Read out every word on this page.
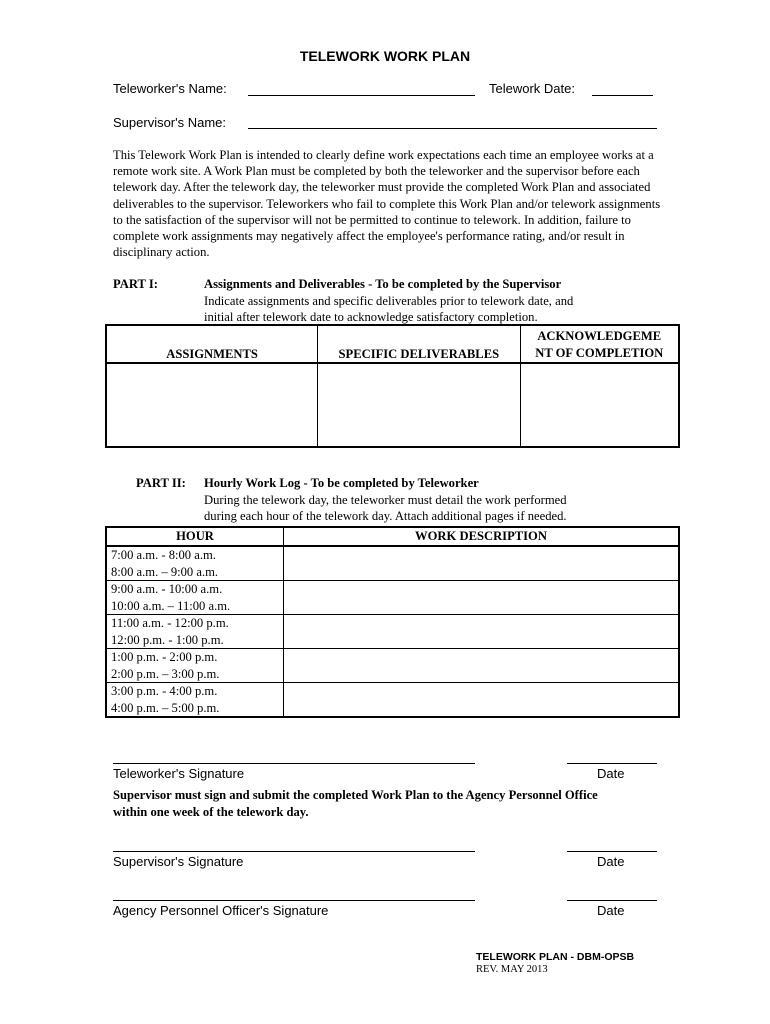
TELEWORK WORK PLAN
Teleworker's Name:	Telework Date:
Supervisor's Name:
This Telework Work Plan is intended to clearly define work expectations each time an employee works at a remote work site. A Work Plan must be completed by both the teleworker and the supervisor before each telework day. After the telework day, the teleworker must provide the completed Work Plan and associated deliverables to the supervisor. Teleworkers who fail to complete this Work Plan and/or telework assignments to the satisfaction of the supervisor will not be permitted to continue to telework. In addition, failure to complete work assignments may negatively affect the employee's performance rating, and/or result in disciplinary action.
PART I:	Assignments and Deliverables - To be completed by the Supervisor
Indicate assignments and specific deliverables prior to telework date, and
initial after telework date to acknowledge satisfactory completion.
ASSIGNMENTS	SPECIFIC DELIVERABLES	ACKNOWLEDGEME
NT OF COMPLETION

PART II: Hourly Work Log - To be completed by Teleworker
During the telework day, the teleworker must detail the work performed
during each hour of the telework day. Attach additional pages if needed.
HOUR	WORK DESCRIPTION

7:00 a.m. - 8:00 a.m.
8:00 a.m. – 9:00 a.m.	

9:00 a.m. - 10:00 a.m.
10:00 a.m. – 11:00 a.m.	

11:00 a.m. - 12:00 p.m.
12:00 p.m. - 1:00 p.m.	

1:00 p.m. - 2:00 p.m.
2:00 p.m. – 3:00 p.m.	

3:00 p.m. - 4:00 p.m.
4:00 p.m. – 5:00 p.m.	

Teleworker's Signature	Date
Supervisor must sign and submit the completed Work Plan to the Agency Personnel Office
within one week of the telework day.
Supervisor's Signature	Date
Agency Personnel Officer's Signature	Date
TELEWORK PLAN - DBM-OPSB
REV. MAY 2013
